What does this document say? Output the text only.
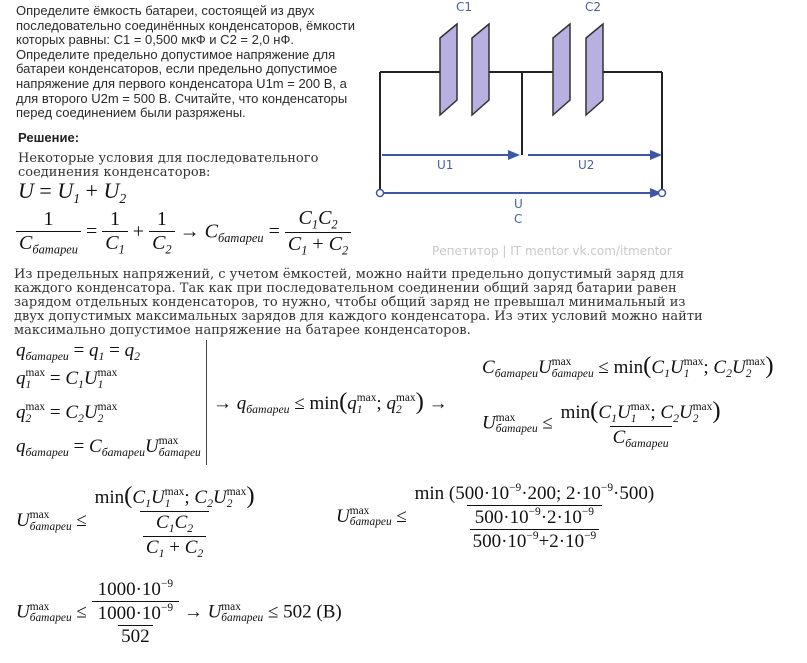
Определите ёмкость батареи, состоящей из двух
последовательно соединённых конденсаторов, ёмкости
которых равны: С1 = 0,500 мкФ и С2 = 2,0 нФ.
Определите предельно допустимое напряжение для
батареи конденсаторов, если предельно допустимое
напряжение для первого конденсатора U1m = 200 В, а
для второго U2m = 500 В. Считайте, что конденсаторы
перед соединением были разряжены.
C1	C2
U1	U2
U
C
Репетитор | IT mentor vk.com/itmentor
Решение:
Некоторые условия для последовательного
соединения конденсаторов:
$U = U_1 + U_2$
$\frac{1}{C_{батареи}} = \frac{1}{C_1} + \frac{1}{C_2} \to C_{батареи} = \frac{C_1C_2}{C_1 + C_2}$
Из предельных напряжений, с учетом ёмкостей, можно найти предельно допустимый заряд для
каждого конденсатора. Так как при последовательном соединении общий заряд батарии равен
зарядом отдельных конденсаторов, то нужно, чтобы общий заряд не превышал минимальный из
двух допустимых максимальных зарядов для каждого конденсатора. Из этих условий можно найти
максимально допустимое напряжение на батарее конденсаторов.
$q_{батареи} = q_1 = q_2$
q max
$1 = C_1U$ max
1
q max
$2 = C_2U$ max
2
$q_{батареи} = C_{батареи}U$ max
батареи
→ $q_{батареи} \le \min(q$ max
1 ; q max
2 ) →
$C_{батареи}U$ max
батареи ≤ $\min(C_1U$ max
1 ; $C_2U$ max
2 )
U max
батареи ≤ $\min(C_1U$ max
1 ; $C_2U$ max
2 )
$C_{батареи}$
U max
батареи ≤ $\min(C_1U$ max
1 ; $C_2U$ max
2 )
$\frac{C_1C_2}{C_1 + C_2}$	U max
батареи ≤ $\frac{\min (500\cdot 10^{-9}\cdot 200; 2\cdot 10^{-9}\cdot 500)}{\frac{500\cdot 10^{-9}\cdot 2\cdot 10^{-9}}{500\cdot 10^{-9}+2\cdot 10^{-9}}}$
U max
батареи ≤ $\frac{1000\cdot 10^{-9}}{\frac{1000\cdot 10^{-9}}{502}} \to U$ max
батареи ≤ 502 (B)
